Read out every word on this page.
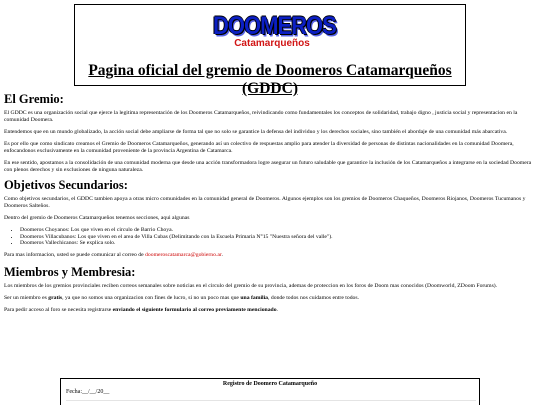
DOOMEROS
Catamarqueños
Pagina oficial del gremio de Doomeros Catamarqueños (GDDC)
El Gremio:

El GDDC es una organización social que ejerce la legitima representación de los Doomeros Catamarqueños, reivindicando como fundamentales los conceptos de solidaridad, trabajo digno , justicia social y representacion en la comunidad Doomera.

Entendemos que en un mundo globalizado, la acción social debe ampliarse de forma tal que no solo se garantice la defensa del individuo y los derechos sociales, sino también el abordaje de una comunidad más abarcativa.

Es por ello que como sindicato creamos el Gremio de Doomeros Catamarqueños, generando así un colectivo de respuestas amplio para atender la diversidad de personas de distintas nacionalidades en la comunidad Doomera, enfocandonos exclusivamente en la comunidad proveniente de la provincia Argentina de Catamarca.

En ese sentido, apostamos a la consolidación de una comunidad moderna que desde una acción transformadora logre asegurar un futuro saludable que garantice la inclusión de los Catamarqueños a integrarse en la sociedad Doomera con plenos derechos y sin exclusiones de ninguna naturaleza.

Objetivos Secundarios:

Como objetivos secundarios, el GDDC tambien apoya a otras micro comunidades en la comunidad general de Doomeros. Algunos ejemplos son los gremios de Doomeros Chaqueños, Doomeros Riojanos, Doomeros Tucumanos y Doomeros Salteños.

Dentro del gremio de Doomeros Catamarqueños tenemos secciones, aqui algunas

• Doomeros Choyanos: Los que viven en el circulo de Barrio Choya.
• Doomeros Villacubanos: Los que viven en el area de Villa Cubas (Delimitando con la Escuela Primaria N°15 "Nuestra señora del valle").
• Doomeros Vallechicanos: Se explica solo.

Para mas informacion, usted se puede comunicar al correo de doomeroscatamarca@gobierno.ar.

Miembros y Membresia:

Los miembros de los gremios provinciales reciben correos semanales sobre noticias en el circulo del gremio de su provincia, ademas de proteccion en los foros de Doom mas conocidos (Doomworld, ZDoom Forums).

Ser un miembro es gratis, ya que no somos una organizacion con fines de lucro, si no un poco mas que una familia, donde todos nos cuidamos entre todos.

Para pedir acceso al foro se necesita registrarse enviando el siguiente formulario al correo previamente mencionado.

Registro de Doomero Catamarqueño
Fecha:__/__/20__
